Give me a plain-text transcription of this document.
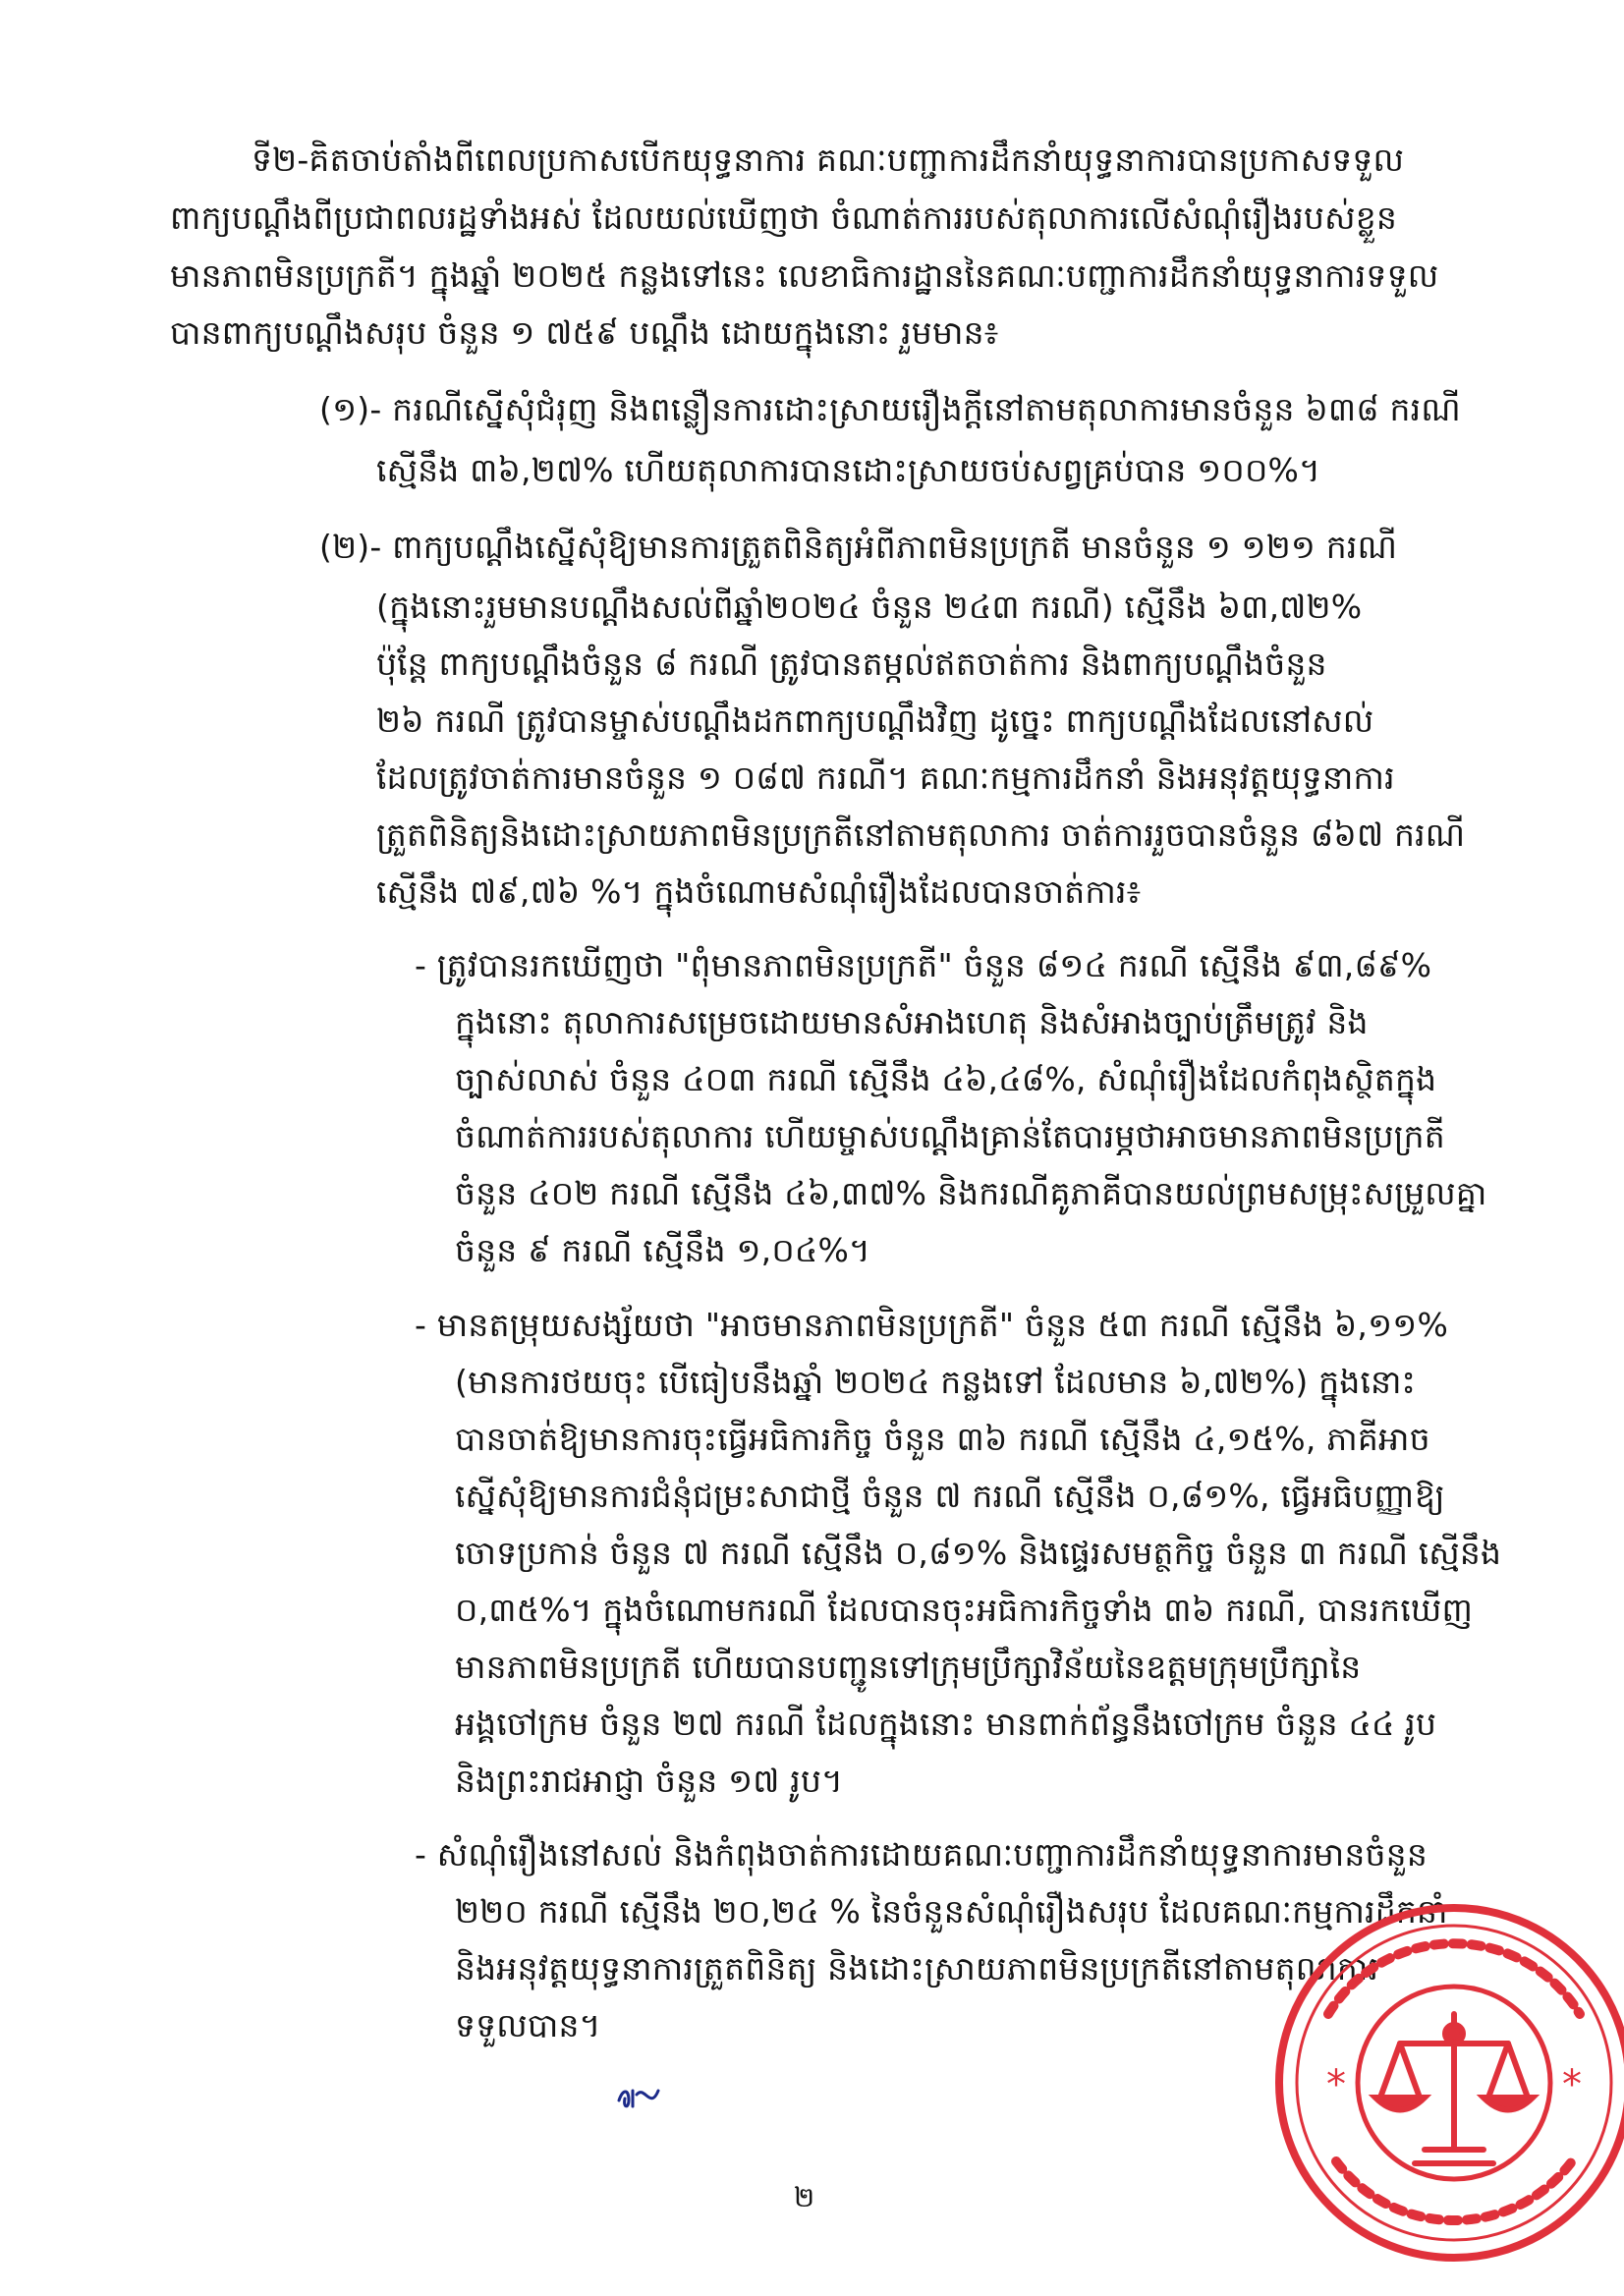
ទី២-គិតចាប់តាំងពីពេលប្រកាសបើកយុទ្ធនាការ គណៈបញ្ជាការដឹកនាំយុទ្ធនាការបានប្រកាសទទួល
ពាក្យបណ្តឹងពីប្រជាពលរដ្ឋទាំងអស់ ដែលយល់ឃើញថា ចំណាត់ការរបស់តុលាការលើសំណុំរឿងរបស់ខ្លួន
មានភាពមិនប្រក្រតី។ ក្នុងឆ្នាំ ២០២៥ កន្លងទៅនេះ លេខាធិការដ្ឋាននៃគណៈបញ្ជាការដឹកនាំយុទ្ធនាការទទួល
បានពាក្យបណ្តឹងសរុប ចំនួន ១ ៧៥៩ បណ្តឹង ដោយក្នុងនោះ រួមមាន៖
(១)- ករណីស្នើសុំជំរុញ និងពន្លឿនការដោះស្រាយរឿងក្តីនៅតាមតុលាការមានចំនួន ៦៣៨ ករណី
ស្មើនឹង ៣៦,២៧% ហើយតុលាការបានដោះស្រាយចប់សព្វគ្រប់បាន ១០០%។
(២)- ពាក្យបណ្តឹងស្នើសុំឱ្យមានការត្រួតពិនិត្យអំពីភាពមិនប្រក្រតី មានចំនួន ១ ១២១ ករណី
(ក្នុងនោះរួមមានបណ្តឹងសល់ពីឆ្នាំ២០២៤ ចំនួន ២៤៣ ករណី) ស្មើនឹង ៦៣,៧២%
ប៉ុន្តែ ពាក្យបណ្តឹងចំនួន ៨ ករណី ត្រូវបានតម្កល់ឥតចាត់ការ និងពាក្យបណ្តឹងចំនួន
២៦ ករណី ត្រូវបានម្ចាស់បណ្តឹងដកពាក្យបណ្តឹងវិញ ដូច្នេះ ពាក្យបណ្តឹងដែលនៅសល់
ដែលត្រូវចាត់ការមានចំនួន ១ ០៨៧ ករណី។ គណៈកម្មការដឹកនាំ និងអនុវត្តយុទ្ធនាការ
ត្រួតពិនិត្យនិងដោះស្រាយភាពមិនប្រក្រតីនៅតាមតុលាការ ចាត់ការរួចបានចំនួន ៨៦៧ ករណី
ស្មើនឹង ៧៩,៧៦ %។ ក្នុងចំណោមសំណុំរឿងដែលបានចាត់ការ៖
- ត្រូវបានរកឃើញថា "ពុំមានភាពមិនប្រក្រតី" ចំនួន ៨១៤ ករណី ស្មើនឹង ៩៣,៨៩%
ក្នុងនោះ តុលាការសម្រេចដោយមានសំអាងហេតុ និងសំអាងច្បាប់ត្រឹមត្រូវ និង
ច្បាស់លាស់ ចំនួន ៤០៣ ករណី ស្មើនឹង ៤៦,៤៨%, សំណុំរឿងដែលកំពុងស្ថិតក្នុង
ចំណាត់ការរបស់តុលាការ ហើយម្ចាស់បណ្តឹងគ្រាន់តែបារម្ភថាអាចមានភាពមិនប្រក្រតី
ចំនួន ៤០២ ករណី ស្មើនឹង ៤៦,៣៧% និងករណីគូភាគីបានយល់ព្រមសម្រុះសម្រួលគ្នា
ចំនួន ៩ ករណី ស្មើនឹង ១,០៤%។
- មានតម្រុយសង្ស័យថា "អាចមានភាពមិនប្រក្រតី" ចំនួន ៥៣ ករណី ស្មើនឹង ៦,១១%
(មានការថយចុះ បើធៀបនឹងឆ្នាំ ២០២៤ កន្លងទៅ ដែលមាន ៦,៧២%) ក្នុងនោះ
បានចាត់ឱ្យមានការចុះធ្វើអធិការកិច្ច ចំនួន ៣៦ ករណី ស្មើនឹង ៤,១៥%, ភាគីអាច
ស្នើសុំឱ្យមានការជំនុំជម្រះសាជាថ្មី ចំនួន ៧ ករណី ស្មើនឹង ០,៨១%, ធ្វើអធិបញ្ញាឱ្យ
ចោទប្រកាន់ ចំនួន ៧ ករណី ស្មើនឹង ០,៨១% និងផ្ទេរសមត្ថកិច្ច ចំនួន ៣ ករណី ស្មើនឹង
០,៣៥%។ ក្នុងចំណោមករណី ដែលបានចុះអធិការកិច្ចទាំង ៣៦ ករណី, បានរកឃើញ
មានភាពមិនប្រក្រតី ហើយបានបញ្ជូនទៅក្រុមប្រឹក្សាវិន័យនៃឧត្តមក្រុមប្រឹក្សានៃ
អង្គចៅក្រម ចំនួន ២៧ ករណី ដែលក្នុងនោះ មានពាក់ព័ន្ធនឹងចៅក្រម ចំនួន ៤៤ រូប
និងព្រះរាជអាជ្ញា ចំនួន ១៧ រូប។
- សំណុំរឿងនៅសល់ និងកំពុងចាត់ការដោយគណៈបញ្ជាការដឹកនាំយុទ្ធនាការមានចំនួន
២២០ ករណី ស្មើនឹង ២០,២៤ % នៃចំនួនសំណុំរឿងសរុប ដែលគណៈកម្មការដឹកនាំ
និងអនុវត្តយុទ្ធនាការត្រួតពិនិត្យ និងដោះស្រាយភាពមិនប្រក្រតីនៅតាមតុលាការ
ទទួលបាន។
*	*
២
